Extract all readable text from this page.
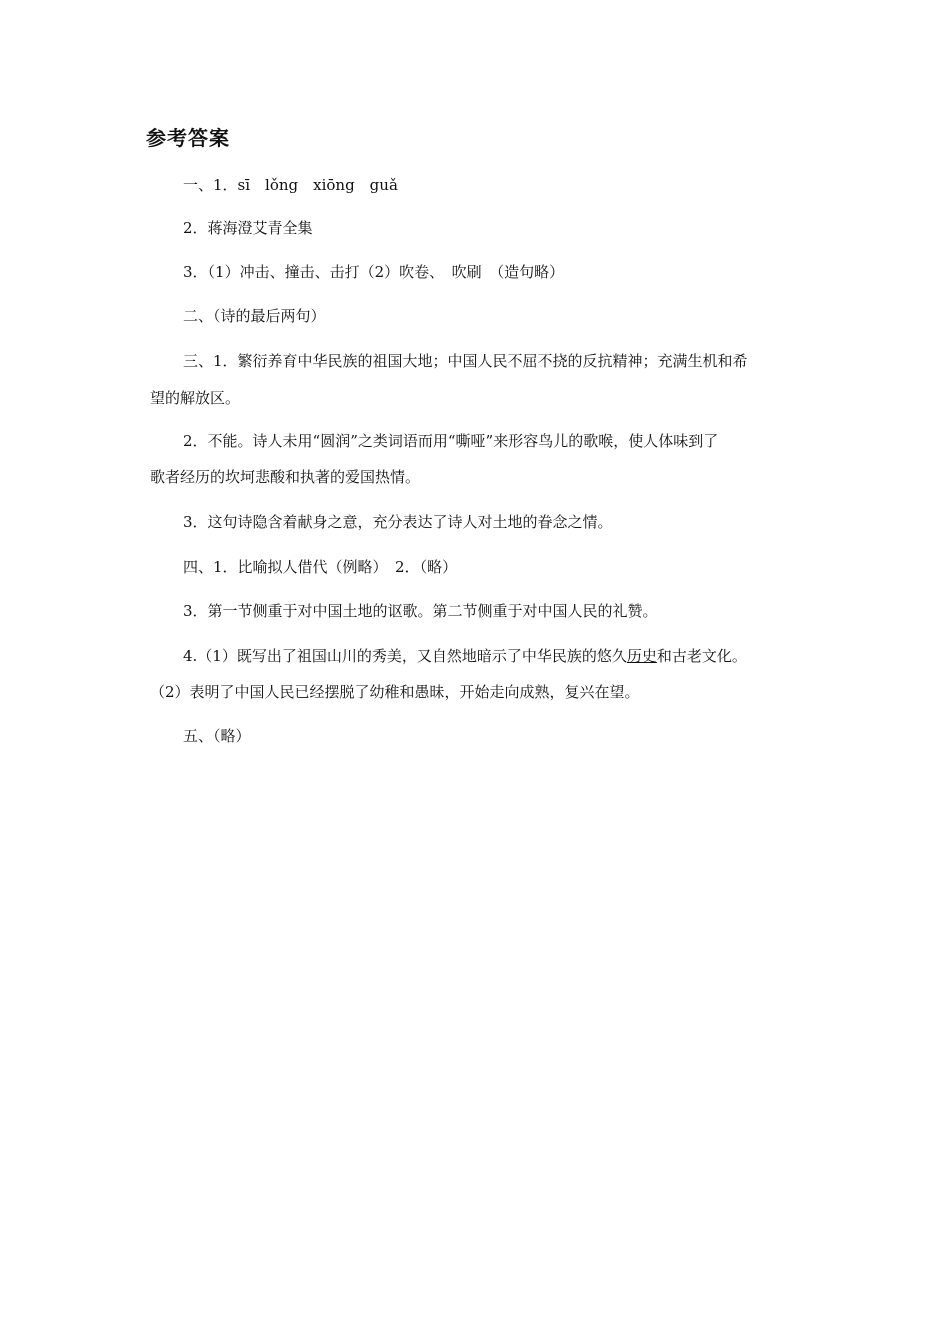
参考答案
一、1．sī　lǒng　xiōng　guǎ
2．蒋海澄艾青全集
3．（1）冲击、撞击、击打（2）吹卷、　吹刷　（造句略）
二、（诗的最后两句）
三、1．繁衍养育中华民族的祖国大地；中国人民不屈不挠的反抗精神；充满生机和希
望的解放区。
2．不能。诗人未用“圆润”之类词语而用“嘶哑”来形容鸟儿的歌喉，使人体味到了
歌者经历的坎坷悲酸和执著的爱国热情。
3．这句诗隐含着献身之意，充分表达了诗人对土地的眷念之情。
四、1．比喻拟人借代（例略）　2．（略）
3．第一节侧重于对中国土地的讴歌。第二节侧重于对中国人民的礼赞。
4.（1）既写出了祖国山川的秀美，又自然地暗示了中华民族的悠久历史和古老文化。
（2）表明了中国人民已经摆脱了幼稚和愚昧，开始走向成熟，复兴在望。
五、（略）
